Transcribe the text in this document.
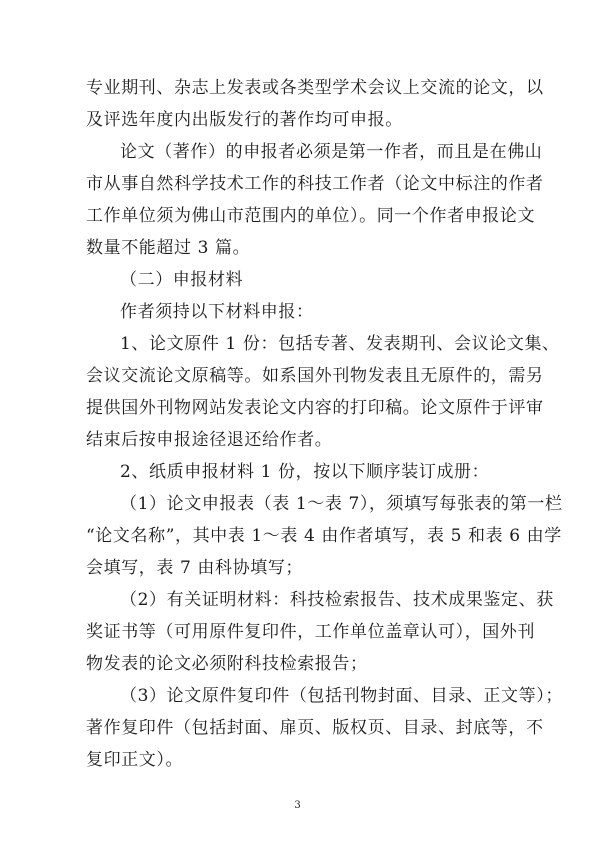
专业期刊、杂志上发表或各类型学术会议上交流的论文，以
及评选年度内出版发行的著作均可申报。
论文（著作）的申报者必须是第一作者，而且是在佛山
市从事自然科学技术工作的科技工作者（论文中标注的作者
工作单位须为佛山市范围内的单位）。同一个作者申报论文
数量不能超过 3 篇。
（二）申报材料
作者须持以下材料申报：
1、论文原件 1 份：包括专著、发表期刊、会议论文集、
会议交流论文原稿等。如系国外刊物发表且无原件的，需另
提供国外刊物网站发表论文内容的打印稿。论文原件于评审
结束后按申报途径退还给作者。
2、纸质申报材料 1 份，按以下顺序装订成册：
（1）论文申报表（表 1～表 7），须填写每张表的第一栏
“论文名称”，其中表 1～表 4 由作者填写，表 5 和表 6 由学
会填写，表 7 由科协填写；
（2）有关证明材料：科技检索报告、技术成果鉴定、获
奖证书等（可用原件复印件，工作单位盖章认可），国外刊
物发表的论文必须附科技检索报告；
（3）论文原件复印件（包括刊物封面、目录、正文等）；
著作复印件（包括封面、扉页、版权页、目录、封底等，不
复印正文）。
3
